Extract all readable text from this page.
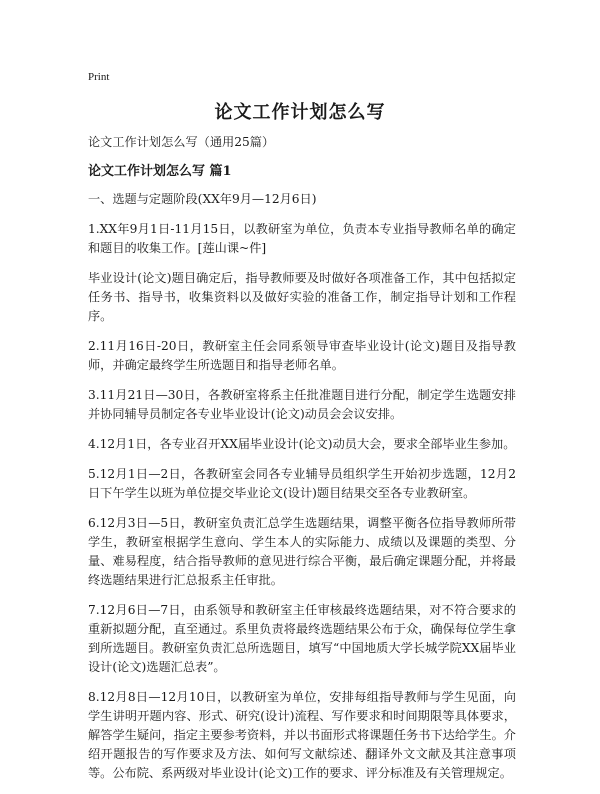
Print
论文工作计划怎么写

论文工作计划怎么写（通用25篇）

论文工作计划怎么写 篇1

一、选题与定题阶段(XX年9月—12月6日)

1.XX年9月1日-11月15日，以教研室为单位，负责本专业指导教师名单的确定和题目的收集工作。[莲山课~件]

毕业设计(论文)题目确定后，指导教师要及时做好各项准备工作，其中包括拟定任务书、指导书，收集资料以及做好实验的准备工作，制定指导计划和工作程序。

2.11月16日-20日，教研室主任会同系领导审查毕业设计(论文)题目及指导教师，并确定最终学生所选题目和指导老师名单。

3.11月21日—30日，各教研室将系主任批准题目进行分配，制定学生选题安排并协同辅导员制定各专业毕业设计(论文)动员会会议安排。

4.12月1日，各专业召开XX届毕业设计(论文)动员大会，要求全部毕业生参加。

5.12月1日—2日，各教研室会同各专业辅导员组织学生开始初步选题，12月2日下午学生以班为单位提交毕业论文(设计)题目结果交至各专业教研室。

6.12月3日—5日，教研室负责汇总学生选题结果，调整平衡各位指导教师所带学生，教研室根据学生意向、学生本人的实际能力、成绩以及课题的类型、分量、难易程度，结合指导教师的意见进行综合平衡，最后确定课题分配，并将最终选题结果进行汇总报系主任审批。

7.12月6日—7日，由系领导和教研室主任审核最终选题结果，对不符合要求的重新拟题分配，直至通过。系里负责将最终选题结果公布于众，确保每位学生拿到所选题目。教研室负责汇总所选题目，填写“中国地质大学长城学院XX届毕业设计(论文)选题汇总表”。

8.12月8日—12月10日，以教研室为单位，安排每组指导教师与学生见面，向学生讲明开题内容、形式、研究(设计)流程、写作要求和时间期限等具体要求，解答学生疑问，指定主要参考资料，并以书面形式将课题任务书下达给学生。介绍开题报告的写作要求及方法、如何写文献综述、翻译外文文献及其注意事项等。公布院、系两级对毕业设计(论文)工作的要求、评分标准及有关管理规定。
